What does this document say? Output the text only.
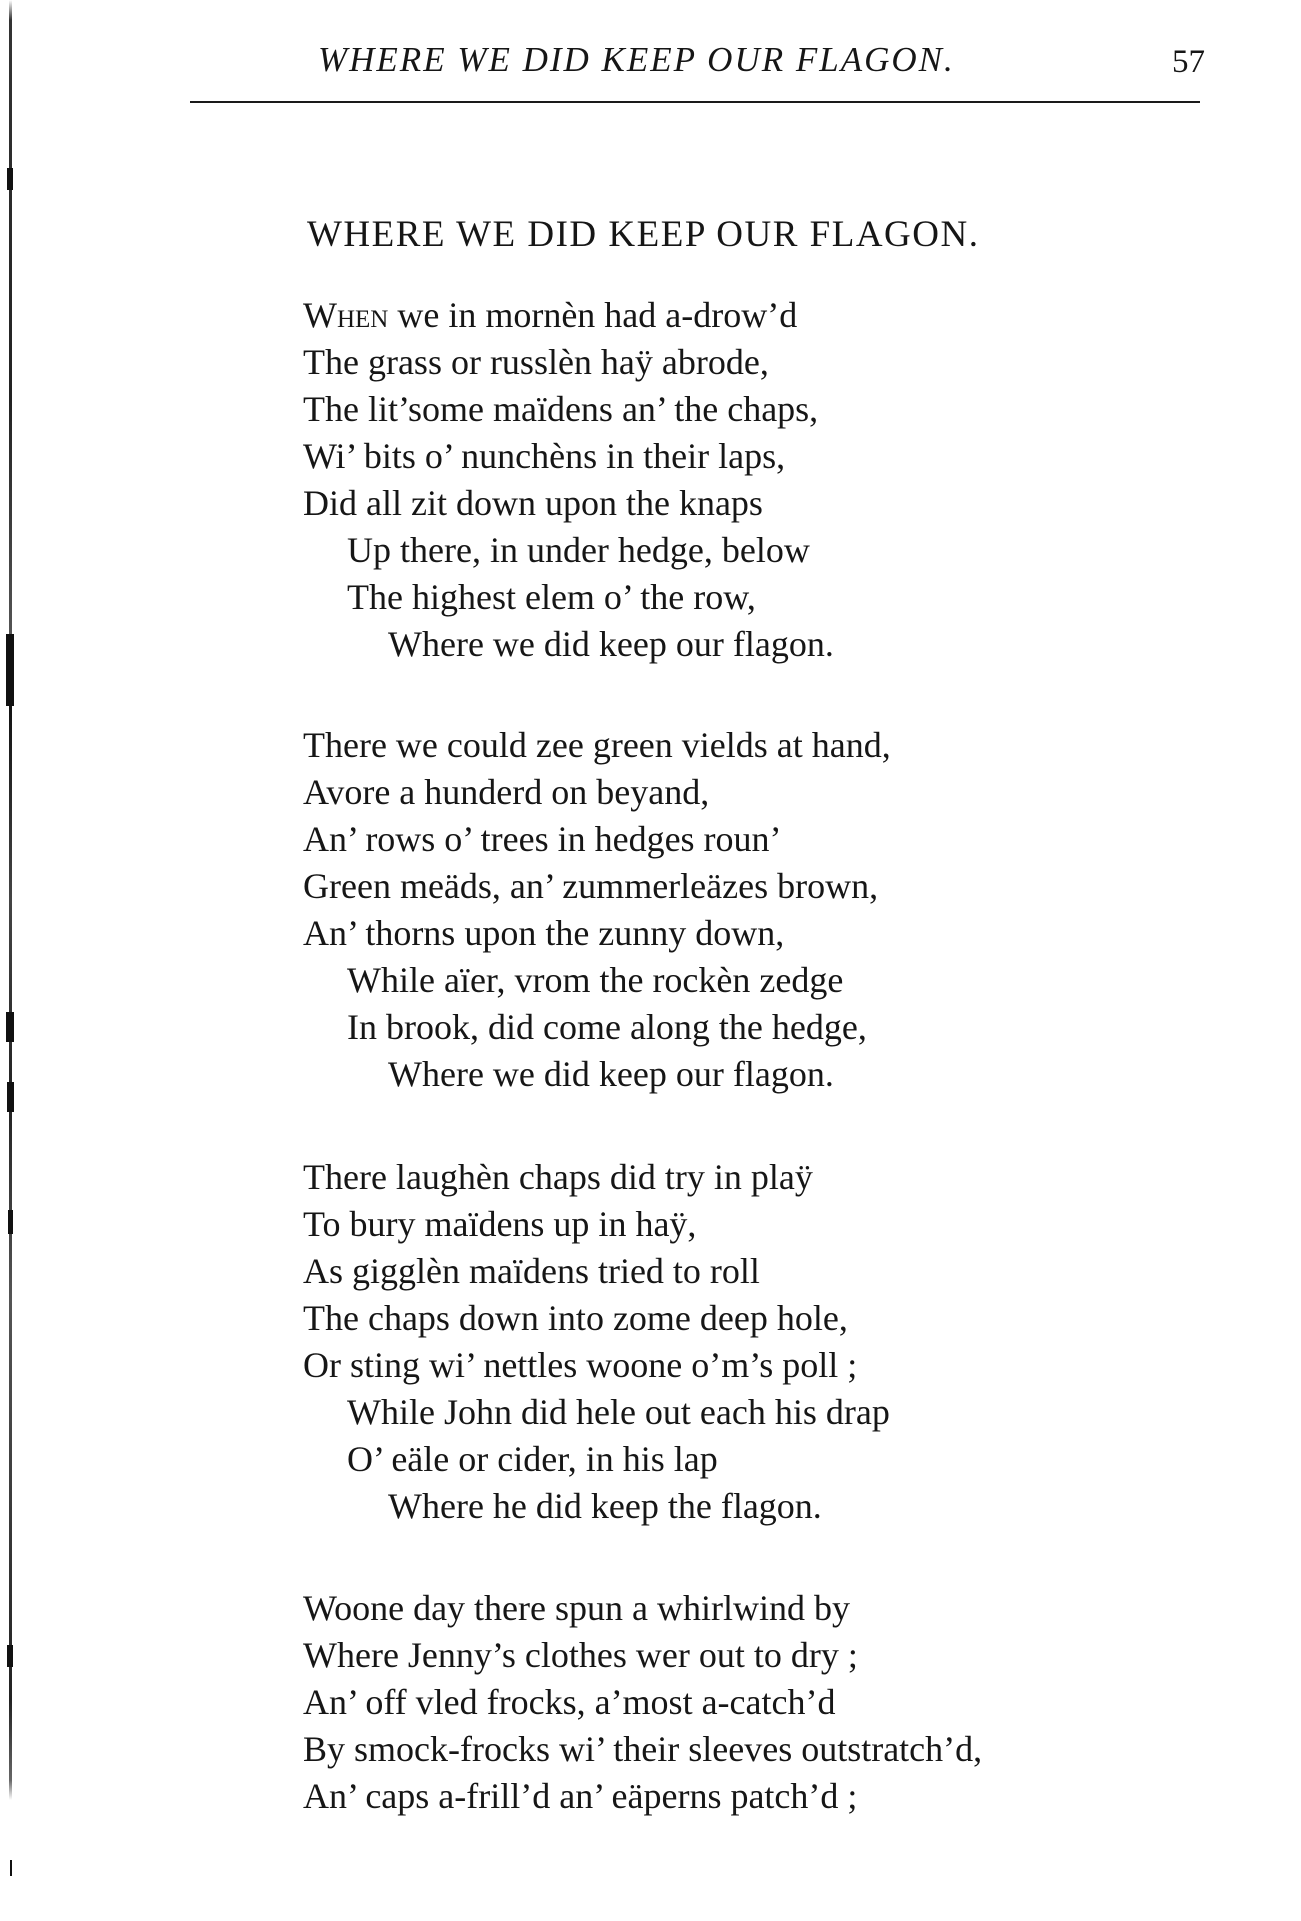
WHERE WE DID KEEP OUR FLAGON.	57
WHERE WE DID KEEP OUR FLAGON.
When we in mornèn had a-drow’d
The grass or russlèn haÿ abrode,
The lit’some maïdens an’ the chaps,
Wi’ bits o’ nunchèns in their laps,
Did all zit down upon the knaps
Up there, in under hedge, below
The highest elem o’ the row,
Where we did keep our flagon.
There we could zee green vields at hand,
Avore a hunderd on beyand,
An’ rows o’ trees in hedges roun’
Green meäds, an’ zummerleäzes brown,
An’ thorns upon the zunny down,
While aïer, vrom the rockèn zedge
In brook, did come along the hedge,
Where we did keep our flagon.
There laughèn chaps did try in plaÿ
To bury maïdens up in haÿ,
As gigglèn maïdens tried to roll
The chaps down into zome deep hole,
Or sting wi’ nettles woone o’m’s poll ;
While John did hele out each his drap
O’ eäle or cider, in his lap
Where he did keep the flagon.
Woone day there spun a whirlwind by
Where Jenny’s clothes wer out to dry ;
An’ off vled frocks, a’most a-catch’d
By smock-frocks wi’ their sleeves outstratch’d,
An’ caps a-frill’d an’ eäperns patch’d ;
